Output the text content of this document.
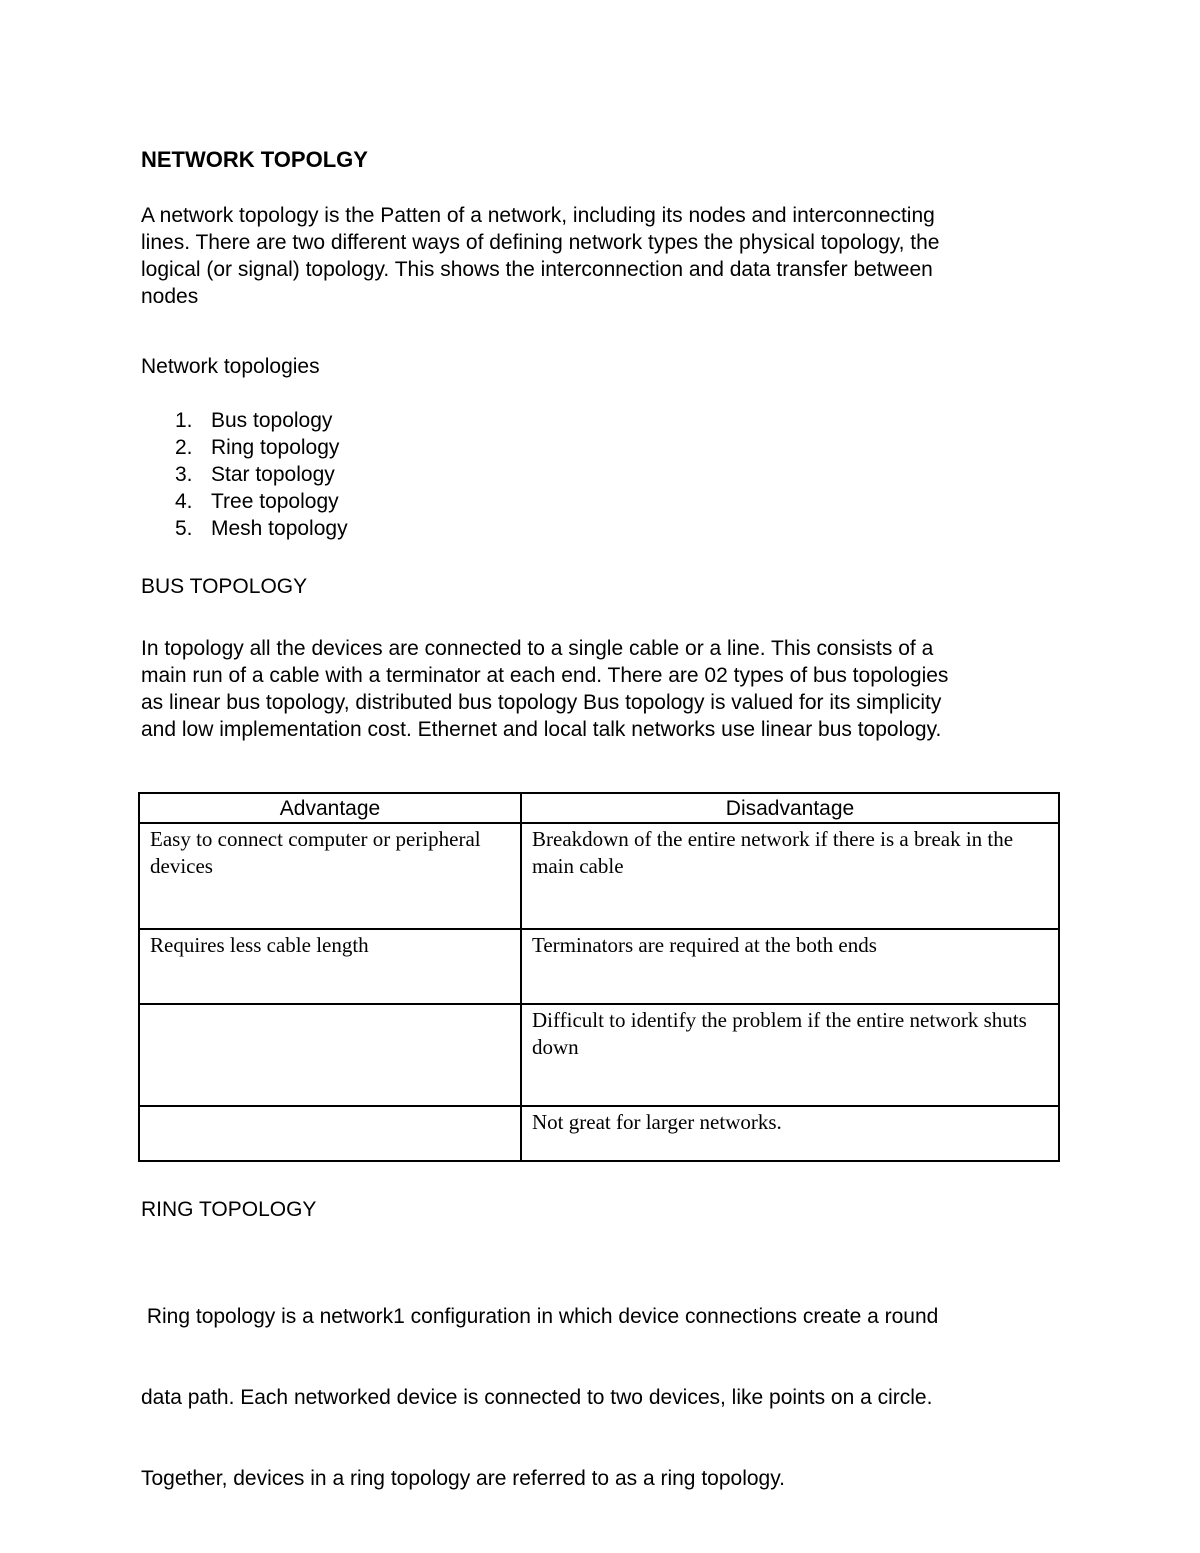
NETWORK TOPOLGY
A network topology is the Patten of a network, including its nodes and interconnecting
lines. There are two different ways of defining network types the physical topology, the
logical (or signal) topology. This shows the interconnection and data transfer between
nodes
Network topologies
1. Bus topology
2. Ring topology
3. Star topology
4. Tree topology
5. Mesh topology
BUS TOPOLOGY
In topology all the devices are connected to a single cable or a line. This consists of a
main run of a cable with a terminator at each end. There are 02 types of bus topologies
as linear bus topology, distributed bus topology Bus topology is valued for its simplicity
and low implementation cost. Ethernet and local talk networks use linear bus topology.
RING TOPOLOGY

Ring topology is a network1 configuration in which device connections create a round

data path. Each networked device is connected to two devices, like points on a circle.

Together, devices in a ring topology are referred to as a ring topology.

Advantage	Disadvantage
Easy to connect computer or peripheral devices	Breakdown of the entire network if there is a break in the main cable
Requires less cable length	Terminators are required at the both ends
	Difficult to identify the problem if the entire network shuts down
	Not great for larger networks.
